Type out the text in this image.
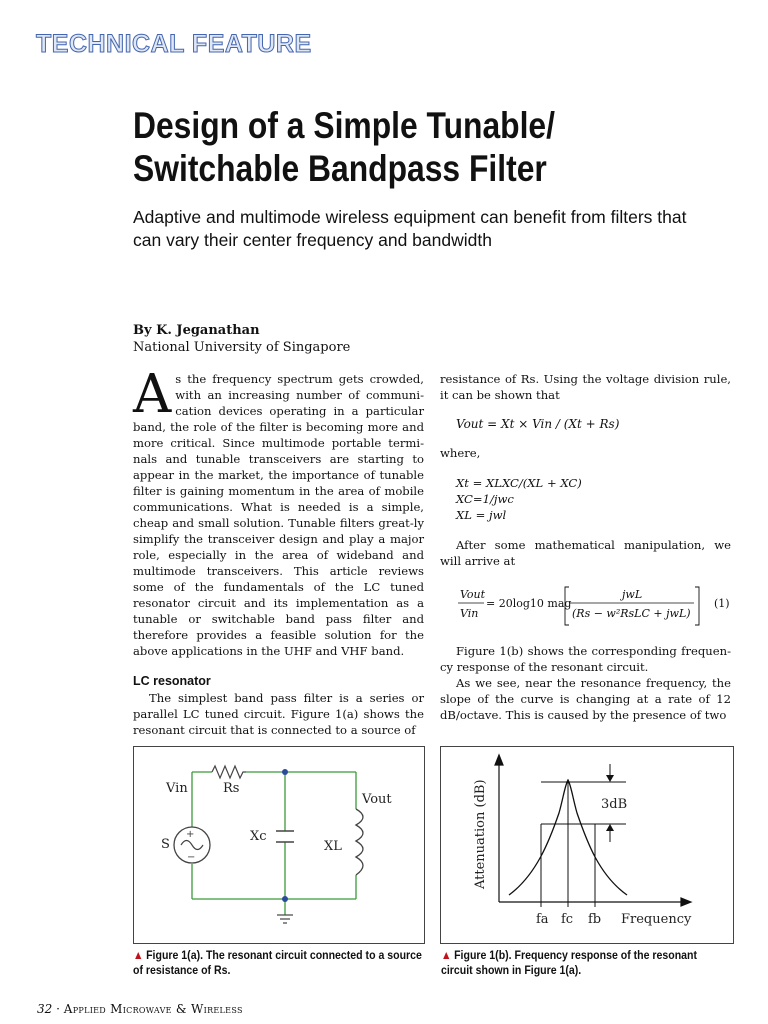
TECHNICAL FEATURE
Design of a Simple Tunable/
Switchable Bandpass Filter

Adaptive and multimode wireless equipment can benefit from filters that can vary their center frequency and bandwidth

By K. Jeganathan
National University of Singapore

As the frequency spectrum gets crowded, with an increasing number of communi-cation devices operating in a particular band, the role of the filter is becoming more and more critical. Since multimode portable termi-nals and tunable transceivers are starting to appear in the market, the importance of tunable filter is gaining momentum in the area of mobile communications. What is needed is a simple, cheap and small solution. Tunable filters great-ly simplify the transceiver design and play a major role, especially in the area of wideband and multimode transceivers. This article reviews some of the fundamentals of the LC tuned resonator circuit and its implementation as a tunable or switchable band pass filter and therefore provides a feasible solution for the above applications in the UHF and VHF band.

LC resonator

The simplest band pass filter is a series or parallel LC tuned circuit. Figure 1(a) shows the resonant circuit that is connected to a source of

resistance of Rs. Using the voltage division rule, it can be shown that

Vout = Xt × Vin / (Xt + Rs)

where,

Xt = XLXC/(XL + XC)
XC=1/jwc
XL = jwl

After some mathematical manipulation, we will arrive at

Vout
Vin
= 20log10 mag
jwL
(Rs − w²RsLC + jwL)
(1)

Figure 1(b) shows the corresponding frequen-cy response of the resonant circuit.

As we see, near the resonance frequency, the slope of the curve is changing at a rate of 12 dB/octave. This is caused by the presence of two

+
−
Vin	Rs
Vout
S
Xc
XL
3dB
fa fc fb Frequency
Attenuation (dB)
▲ Figure 1(a). The resonant circuit connected to a source of resistance of Rs.
▲ Figure 1(b). Frequency response of the resonant circuit shown in Figure 1(a).
32 · Applied Microwave & Wireless
